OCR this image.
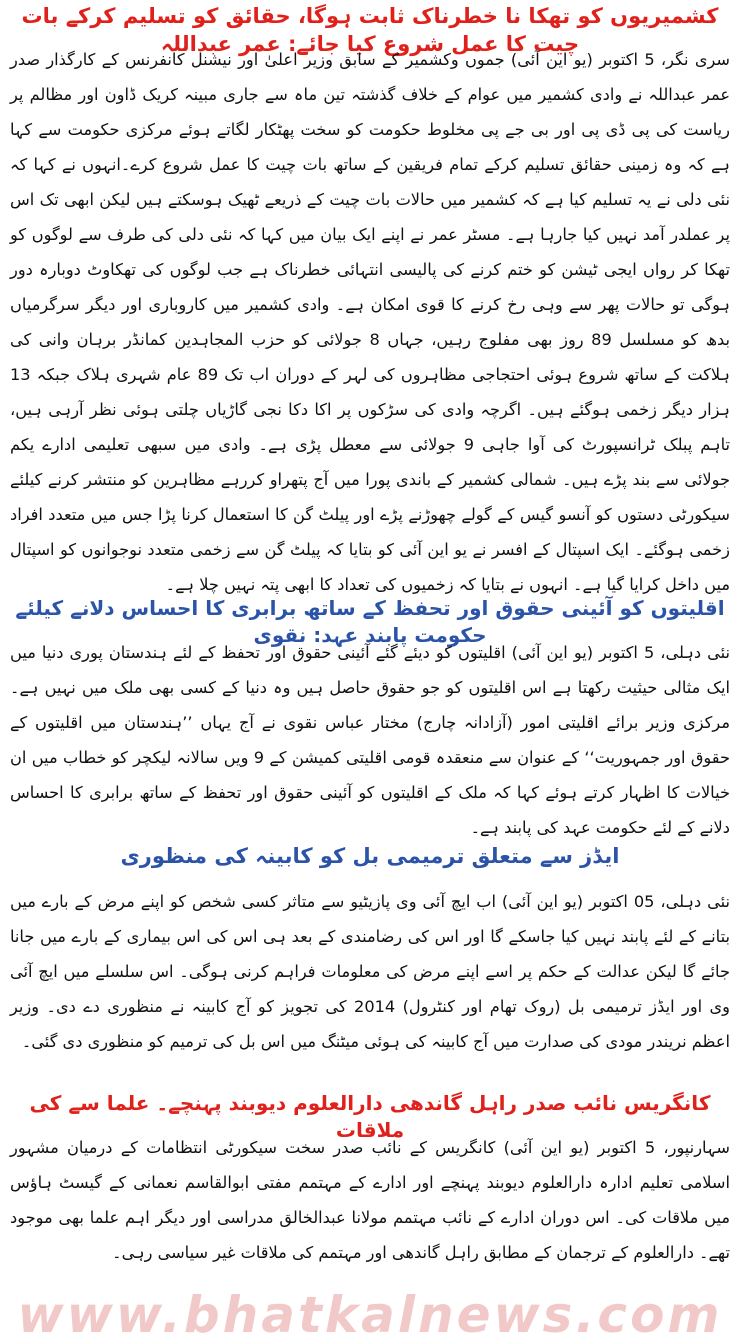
کشمیریوں کو تھکا نا خطرناک ثابت ہوگا، حقائق کو تسلیم کرکے بات چیت کا عمل شروع کیا جائے: عمر عبداللہ

سری نگر، 5 اکتوبر (یو این آئی) جموں وکشمیر کے سابق وزیر اعلیٰ اور نیشنل کانفرنس کے کارگذار صدر عمر عبداللہ نے وادی کشمیر میں عوام کے خلاف گذشتہ تین ماہ سے جاری مبینہ کریک ڈاون اور مظالم پر ریاست کی پی ڈی پی اور بی جے پی مخلوط حکومت کو سخت پھٹکار لگاتے ہوئے مرکزی حکومت سے کہا ہے کہ وہ زمینی حقائق تسلیم کرکے تمام فریقین کے ساتھ بات چیت کا عمل شروع کرے۔انہوں نے کہا کہ نئی دلی نے یہ تسلیم کیا ہے کہ کشمیر میں حالات بات چیت کے ذریعے ٹھیک ہوسکتے ہیں لیکن ابھی تک اس پر عملدر آمد نہیں کیا جارہا ہے۔ مسٹر عمر نے اپنے ایک بیان میں کہا کہ نئی دلی کی طرف سے لوگوں کو تھکا کر رواں ایجی ٹیشن کو ختم کرنے کی پالیسی انتہائی خطرناک ہے جب لوگوں کی تھکاوٹ دوبارہ دور ہوگی تو حالات پھر سے وہی رخ کرنے کا قوی امکان ہے۔ وادی کشمیر میں کاروباری اور دیگر سرگرمیاں بدھ کو مسلسل 89 روز بھی مفلوج رہیں، جہاں 8 جولائی کو حزب المجاہدین کمانڈر برہان وانی کی ہلاکت کے ساتھ شروع ہوئی احتجاجی مظاہروں کی لہر کے دوران اب تک 89 عام شہری ہلاک جبکہ 13 ہزار دیگر زخمی ہوگئے ہیں۔ اگرچہ وادی کی سڑکوں پر اکا دکا نجی گاڑیاں چلتی ہوئی نظر آرہی ہیں، تاہم پبلک ٹرانسپورٹ کی آوا جاہی 9 جولائی سے معطل پڑی ہے۔ وادی میں سبھی تعلیمی ادارے یکم جولائی سے بند پڑے ہیں۔ شمالی کشمیر کے باندی پورا میں آج پتھراو کررہے مظاہرین کو منتشر کرنے کیلئے سیکورٹی دستوں کو آنسو گیس کے گولے چھوڑنے پڑے اور پیلٹ گن کا استعمال کرنا پڑا جس میں متعدد افراد زخمی ہوگئے۔ ایک اسپتال کے افسر نے یو این آئی کو بتایا کہ پیلٹ گن سے زخمی متعدد نوجوانوں کو اسپتال میں داخل کرایا گیا ہے۔ انہوں نے بتایا کہ زخمیوں کی تعداد کا ابھی پتہ نہیں چلا ہے۔

اقلیتوں کو آئینی حقوق اور تحفظ کے ساتھ برابری کا احساس دلانے کیلئے حکومت پابند عہد: نقوی

نئی دہلی، 5 اکتوبر (یو این آئی) اقلیتوں کو دیئے گئے آئینی حقوق اور تحفظ کے لئے ہندستان پوری دنیا میں ایک مثالی حیثیت رکھتا ہے اس اقلیتوں کو جو حقوق حاصل ہیں وہ دنیا کے کسی بھی ملک میں نہیں ہے۔ مرکزی وزیر برائے اقلیتی امور (آزادانہ چارج) مختار عباس نقوی نے آج یہاں ’’ہندستان میں اقلیتوں کے حقوق اور جمہوریت‘‘ کے عنوان سے منعقدہ قومی اقلیتی کمیشن کے 9 ویں سالانہ لیکچر کو خطاب میں ان خیالات کا اظہار کرتے ہوئے کہا کہ ملک کے اقلیتوں کو آئینی حقوق اور تحفظ کے ساتھ برابری کا احساس دلانے کے لئے حکومت عہد کی پابند ہے۔

ایڈز سے متعلق ترمیمی بل کو کابینہ کی منظوری

نئی دہلی، 05 اکتوبر (یو این آئی) اب ایچ آئی وی پازیٹیو سے متاثر کسی شخص کو اپنے مرض کے بارے میں بتانے کے لئے پابند نہیں کیا جاسکے گا اور اس کی رضامندی کے بعد ہی اس کی اس بیماری کے بارے میں جانا جائے گا لیکن عدالت کے حکم پر اسے اپنے مرض کی معلومات فراہم کرنی ہوگی۔ اس سلسلے میں ایچ آئی وی اور ایڈز ترمیمی بل (روک تھام اور کنٹرول) 2014 کی تجویز کو آج کابینہ نے منظوری دے دی۔ وزیر اعظم نریندر مودی کی صدارت میں آج کابینہ کی ہوئی میٹنگ میں اس بل کی ترمیم کو منظوری دی گئی۔

کانگریس نائب صدر راہل گاندھی دارالعلوم دیوبند پہنچے۔ علما سے کی ملاقات

سہارنپور، 5 اکتوبر (یو این آئی) کانگریس کے نائب صدر سخت سیکورٹی انتظامات کے درمیان مشہور اسلامی تعلیم ادارہ دارالعلوم دیوبند پہنچے اور ادارے کے مہتمم مفتی ابوالقاسم نعمانی کے گیسٹ ہاؤس میں ملاقات کی۔ اس دوران ادارے کے نائب مہتمم مولانا عبدالخالق مدراسی اور دیگر اہم علما بھی موجود تھے۔ دارالعلوم کے ترجمان کے مطابق راہل گاندھی اور مہتمم کی ملاقات غیر سیاسی رہی۔

www.bhatkalnews.com
